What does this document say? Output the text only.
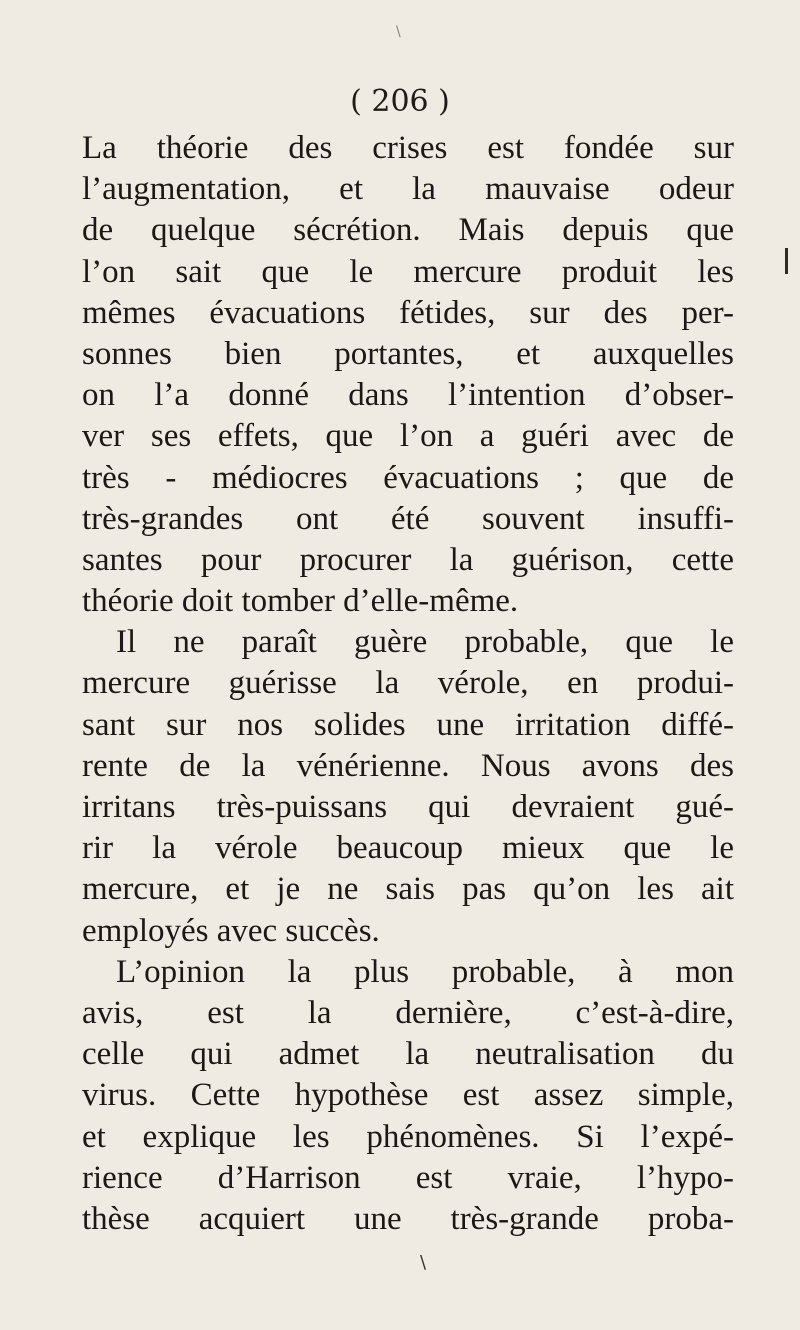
\
( 206 )
La théorie des crises est fondée sur
l’augmentation, et la mauvaise odeur
de quelque sécrétion. Mais depuis que
l’on sait que le mercure produit les
mêmes évacuations fétides, sur des per-
sonnes bien portantes, et auxquelles
on l’a donné dans l’intention d’obser-
ver ses effets, que l’on a guéri avec de
très - médiocres évacuations ; que de
très-grandes ont été souvent insuffi-
santes pour procurer la guérison, cette
théorie doit tomber d’elle-même.
Il ne paraît guère probable, que le
mercure guérisse la vérole, en produi-
sant sur nos solides une irritation diffé-
rente de la vénérienne. Nous avons des
irritans très-puissans qui devraient gué-
rir la vérole beaucoup mieux que le
mercure, et je ne sais pas qu’on les ait
employés avec succès.
L’opinion la plus probable, à mon
avis, est la dernière, c’est-à-dire,
celle qui admet la neutralisation du
virus. Cette hypothèse est assez simple,
et explique les phénomènes. Si l’expé-
rience d’Harrison est vraie, l’hypo-
thèse acquiert une très-grande proba-
\
